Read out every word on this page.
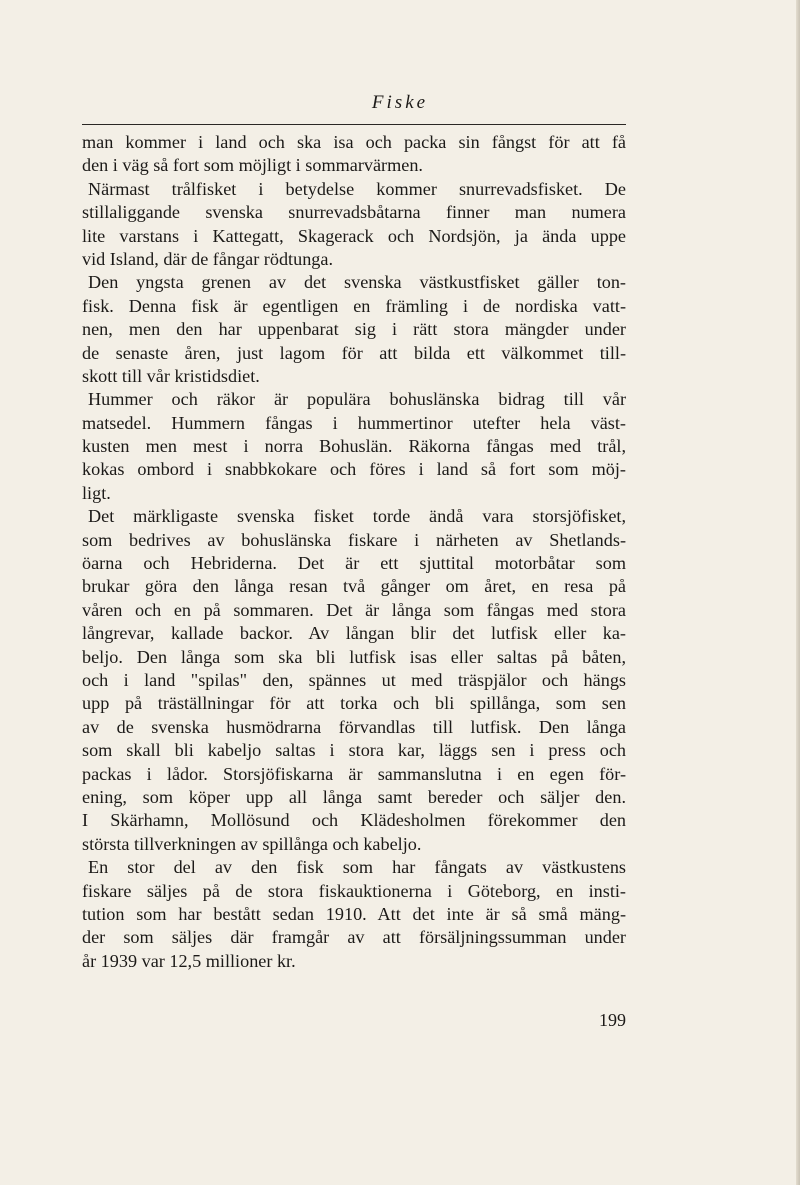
Fiske
man kommer i land och ska isa och packa sin fångst för att få
den i väg så fort som möjligt i sommarvärmen.
Närmast trålfisket i betydelse kommer snurrevadsfisket. De
stillaliggande svenska snurrevadsbåtarna finner man numera
lite varstans i Kattegatt, Skagerack och Nordsjön, ja ända uppe
vid Island, där de fångar rödtunga.
Den yngsta grenen av det svenska västkustfisket gäller ton-
fisk. Denna fisk är egentligen en främling i de nordiska vatt-
nen, men den har uppenbarat sig i rätt stora mängder under
de senaste åren, just lagom för att bilda ett välkommet till-
skott till vår kristidsdiet.
Hummer och räkor är populära bohuslänska bidrag till vår
matsedel. Hummern fångas i hummertinor utefter hela väst-
kusten men mest i norra Bohuslän. Räkorna fångas med trål,
kokas ombord i snabbkokare och föres i land så fort som möj-
ligt.
Det märkligaste svenska fisket torde ändå vara storsjöfisket,
som bedrives av bohuslänska fiskare i närheten av Shetlands-
öarna och Hebriderna. Det är ett sjuttital motorbåtar som
brukar göra den långa resan två gånger om året, en resa på
våren och en på sommaren. Det är långa som fångas med stora
långrevar, kallade backor. Av långan blir det lutfisk eller ka-
beljo. Den långa som ska bli lutfisk isas eller saltas på båten,
och i land "spilas" den, spännes ut med träspjälor och hängs
upp på träställningar för att torka och bli spillånga, som sen
av de svenska husmödrarna förvandlas till lutfisk. Den långa
som skall bli kabeljo saltas i stora kar, läggs sen i press och
packas i lådor. Storsjöfiskarna är sammanslutna i en egen för-
ening, som köper upp all långa samt bereder och säljer den.
I Skärhamn, Mollösund och Klädesholmen förekommer den
största tillverkningen av spillånga och kabeljo.
En stor del av den fisk som har fångats av västkustens
fiskare säljes på de stora fiskauktionerna i Göteborg, en insti-
tution som har bestått sedan 1910. Att det inte är så små mäng-
der som säljes där framgår av att försäljningssumman under
år 1939 var 12,5 millioner kr.
199
